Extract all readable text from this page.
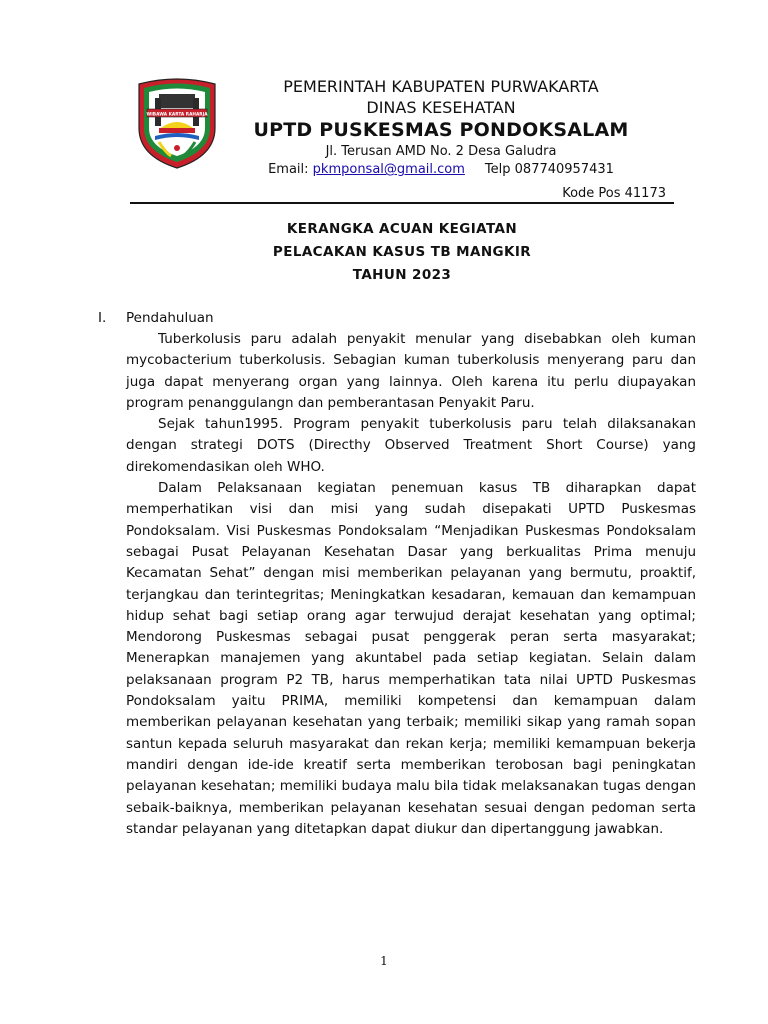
WIBAWA KARTA RAHARJA
PEMERINTAH KABUPATEN PURWAKARTA
DINAS KESEHATAN
UPTD PUSKESMAS PONDOKSALAM
Jl. Terusan AMD No. 2 Desa Galudra
Email: pkmponsal@gmail.com Telp 087740957431
Kode Pos 41173
KERANGKA ACUAN KEGIATAN
PELACAKAN KASUS TB MANGKIR
TAHUN 2023
I. Pendahuluan

Tuberkolusis paru adalah penyakit menular yang disebabkan oleh kuman mycobacterium tuberkolusis. Sebagian kuman tuberkolusis menyerang paru dan juga dapat menyerang organ yang lainnya. Oleh karena itu perlu diupayakan program penanggulangn dan pemberantasan Penyakit Paru.

Sejak tahun1995. Program penyakit tuberkolusis paru telah dilaksanakan dengan strategi DOTS (Directhy Observed Treatment Short Course) yang direkomendasikan oleh WHO.

Dalam Pelaksanaan kegiatan penemuan kasus TB diharapkan dapat memperhatikan visi dan misi yang sudah disepakati UPTD Puskesmas Pondoksalam. Visi Puskesmas Pondoksalam “Menjadikan Puskesmas Pondoksalam sebagai Pusat Pelayanan Kesehatan Dasar yang berkualitas Prima menuju Kecamatan Sehat” dengan misi memberikan pelayanan yang bermutu, proaktif, terjangkau dan terintegritas; Meningkatkan kesadaran, kemauan dan kemampuan hidup sehat bagi setiap orang agar terwujud derajat kesehatan yang optimal; Mendorong Puskesmas sebagai pusat penggerak peran serta masyarakat; Menerapkan manajemen yang akuntabel pada setiap kegiatan. Selain dalam pelaksanaan program P2 TB, harus memperhatikan tata nilai UPTD Puskesmas Pondoksalam yaitu PRIMA, memiliki kompetensi dan kemampuan dalam memberikan pelayanan kesehatan yang terbaik; memiliki sikap yang ramah sopan santun kepada seluruh masyarakat dan rekan kerja; memiliki kemampuan bekerja mandiri dengan ide-ide kreatif serta memberikan terobosan bagi peningkatan pelayanan kesehatan; memiliki budaya malu bila tidak melaksanakan tugas dengan sebaik-baiknya, memberikan pelayanan kesehatan sesuai dengan pedoman serta standar pelayanan yang ditetapkan dapat diukur dan dipertanggung jawabkan.

1
